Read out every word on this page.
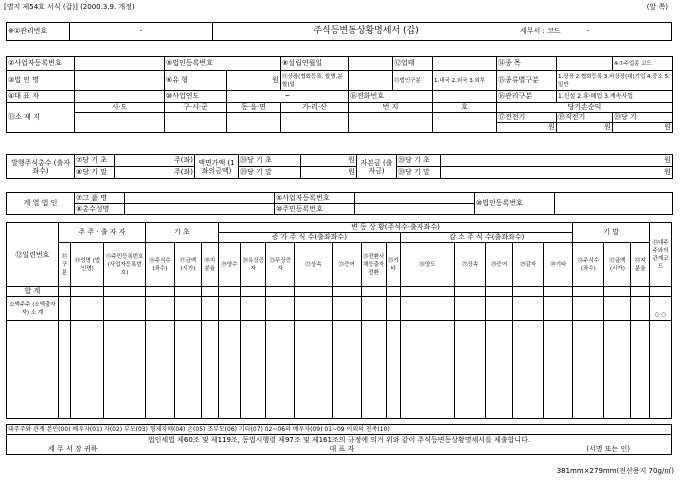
[별지 제54호 서식 (갑)] (2000.3.9. 개정)	(앞 쪽)
※①관리번호	-	주식등변동상황명세서 (갑)	세무서 : 코드	-
②사업자등록번호		⑤법인등록번호		⑧설립연월일		⑫업태		⑭종 목		※⑦주업종 코드
③법 인 명		⑥유 형	원	⑪상장(협회등록, 합병,분할)일		⑬법인구분	1.내국 2.외국 3.외투	⑮종류별구분	1.상장 2.협회등록 3.비상장(대)기업 4.중소 5.일반	
④대 표 자		⑩사업연도	~		⑯전화번호			⑯관리구분	1.신설 2.휴·폐업 3.계속사업	
⑬소 재 지	시·도	구·시·군	동·읍·면	가·리·산	번 지		호	당기손순익		
								⑰전전기	⑲직전기	⑳당 기
								원	원	원
발행주식총수 (출자좌수)	⑦당 기 초	주(좌)	액면가액 (1좌의금액)	⑳당 기 초	원	자본금 (출자금)	⑳당 기 초	원
	⑧당 기 말	주(좌)		⑳당 기 말	원		⑳당 기 말	원
계 열 법 인	⑦그 룹 명		⑤사업자등록번호		⑩법인등록번호	
	⑧총수성명		⑩주민등록번호			
⑫일련번호	주 주 · 출 자 자			기 초			변 동 상 황(주식수·출자좌수)												기 말			⑬대주주와의관계코드
							증 가 주 식 수(출좌좌수)							감 소 주 식 수(출좌좌수)								
	⑬구분	⑭성명 (법인명)	⑮주민등록번호 (사업자등록번호)	⑯주식수 (좌수)	⑰금액 (시가)	⑱지분율	⑲양수	⑳유상증자	㉑무상증자	㉒상속	㉓증여	㉔전환사채등출자전환	㉕기타	㉖양도	㉗상속	㉘증여	㉙감자	㉚기타	㉛주식수 (좌수)	㉜금액 (시가)	㉝지분율	
합 계																						
소액주주 (소액출자자) 소 계																						○ ○

대주주와 관계 본인(00) 배우자(01) 자(02) 부모(03) 형제자매(04) 손(05) 조부모(06) 기타(07) 02~06의 배우자(09) 01~09 이외의 친족(10)

법인세법 제60조 및 제119조, 동법시행령 제97조 및 제161조의 규정에 의거 위와 같이 주식등변동상황명세서를 제출합니다.
세 무 서 장 귀하	대 표 자	(서명 또는 인)
381mm×279mm(전산용지 70g/㎡)
